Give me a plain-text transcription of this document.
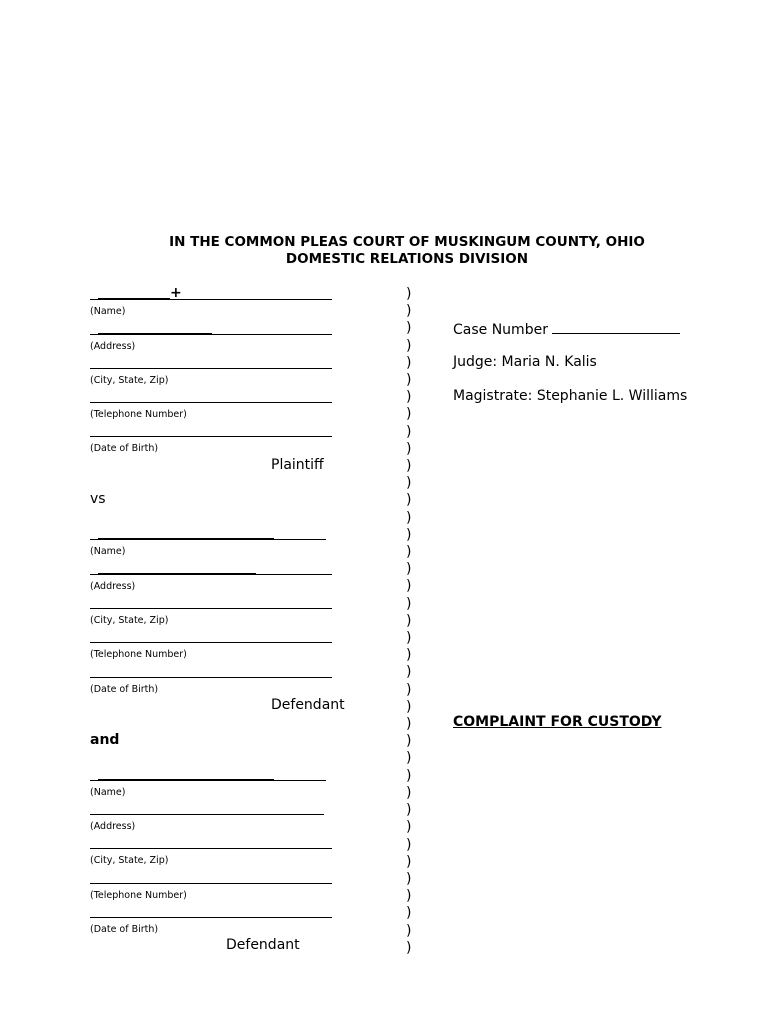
IN THE COMMON PLEAS COURT OF MUSKINGUM COUNTY, OHIO
DOMESTIC RELATIONS DIVISION
+
(Name)
(Address)
(City, State, Zip)
(Telephone Number)
(Date of Birth)
Plaintiff
vs
(Name)
(Address)
(City, State, Zip)
(Telephone Number)
(Date of Birth)
Defendant
and
(Name)
(Address)
(City, State, Zip)
(Telephone Number)
(Date of Birth)
Defendant
)
)
)
)
)
)
)
)
)
)
)
)
)
)
)
)
)
)
)
)
)
)
)
)
)
)
)
)
)
)
)
)
)
)
)
)
)
)
)
Case Number
Judge: Maria N. Kalis
Magistrate: Stephanie L. Williams
COMPLAINT FOR CUSTODY
